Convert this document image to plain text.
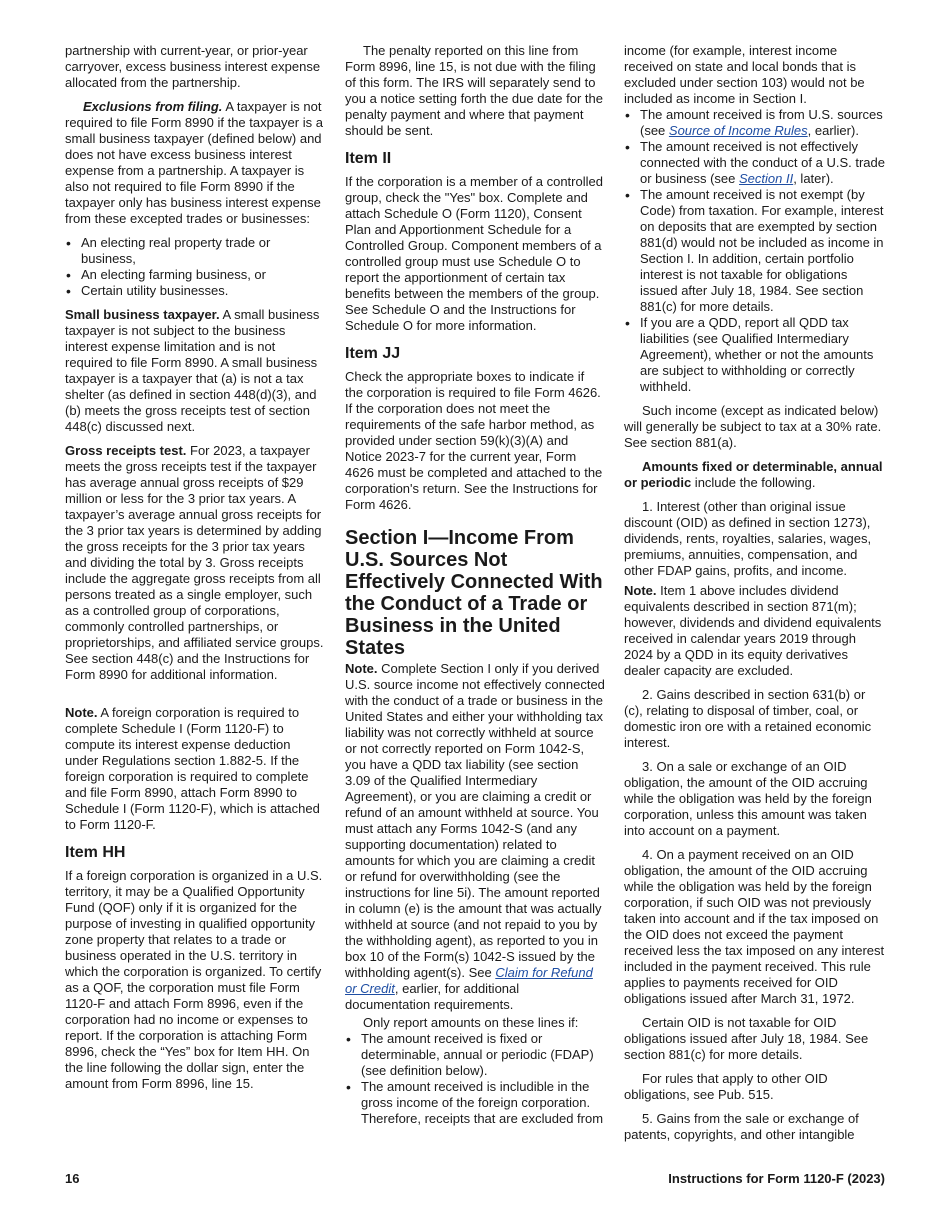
partnership with current-year, or prior-year carryover, excess business interest expense allocated from the partnership.

Exclusions from filing. A taxpayer is not required to file Form 8990 if the taxpayer is a small business taxpayer (defined below) and does not have excess business interest expense from a partnership. A taxpayer is also not required to file Form 8990 if the taxpayer only has business interest expense from these excepted trades or businesses:

• An electing real property trade or business,

• An electing farming business, or

• Certain utility businesses.

Small business taxpayer. A small business taxpayer is not subject to the business interest expense limitation and is not required to file Form 8990. A small business taxpayer is a taxpayer that (a) is not a tax shelter (as defined in section 448(d)(3), and (b) meets the gross receipts test of section 448(c) discussed next.

Gross receipts test. For 2023, a taxpayer meets the gross receipts test if the taxpayer has average annual gross receipts of $29 million or less for the 3 prior tax years. A taxpayer’s average annual gross receipts for the 3 prior tax years is determined by adding the gross receipts for the 3 prior tax years and dividing the total by 3. Gross receipts include the aggregate gross receipts from all persons treated as a single employer, such as a controlled group of corporations, commonly controlled partnerships, or proprietorships, and affiliated service groups. See section 448(c) and the Instructions for Form 8990 for additional information.

Note. A foreign corporation is required to complete Schedule I (Form 1120-F) to compute its interest expense deduction under Regulations section 1.882-5. If the foreign corporation is required to complete and file Form 8990, attach Form 8990 to Schedule I (Form 1120-F), which is attached to Form 1120-F.

Item HH

If a foreign corporation is organized in a U.S. territory, it may be a Qualified Opportunity Fund (QOF) only if it is organized for the purpose of investing in qualified opportunity zone property that relates to a trade or business operated in the U.S. territory in which the corporation is organized. To certify as a QOF, the corporation must file Form 1120-F and attach Form 8996, even if the corporation had no income or expenses to report. If the corporation is attaching Form 8996, check the “Yes” box for Item HH. On the line following the dollar sign, enter the amount from Form 8996, line 15.

The penalty reported on this line from Form 8996, line 15, is not due with the filing of this form. The IRS will separately send to you a notice setting forth the due date for the penalty payment and where that payment should be sent.

Item II

If the corporation is a member of a controlled group, check the "Yes" box. Complete and attach Schedule O (Form 1120), Consent Plan and Apportionment Schedule for a Controlled Group. Component members of a controlled group must use Schedule O to report the apportionment of certain tax benefits between the members of the group. See Schedule O and the Instructions for Schedule O for more information.

Item JJ

Check the appropriate boxes to indicate if the corporation is required to file Form 4626. If the corporation does not meet the requirements of the safe harbor method, as provided under section 59(k)(3)(A) and Notice 2023-7 for the current year, Form 4626 must be completed and attached to the corporation's return. See the Instructions for Form 4626.

Section I—Income From U.S. Sources Not Effectively Connected With the Conduct of a Trade or Business in the United States

Note. Complete Section I only if you derived U.S. source income not effectively connected with the conduct of a trade or business in the United States and either your withholding tax liability was not correctly withheld at source or not correctly reported on Form 1042-S, you have a QDD tax liability (see section 3.09 of the Qualified Intermediary Agreement), or you are claiming a credit or refund of an amount withheld at source. You must attach any Forms 1042-S (and any supporting documentation) related to amounts for which you are claiming a credit or refund for overwithholding (see the instructions for line 5i). The amount reported in column (e) is the amount that was actually withheld at source (and not repaid to you by the withholding agent), as reported to you in box 10 of the Form(s) 1042-S issued by the withholding agent(s). See Claim for Refund or Credit, earlier, for additional documentation requirements.

Only report amounts on these lines if:

• The amount received is fixed or determinable, annual or periodic (FDAP) (see definition below).

• The amount received is includible in the gross income of the foreign corporation. Therefore, receipts that are excluded from

income (for example, interest income received on state and local bonds that is excluded under section 103) would not be included as income in Section I.

• The amount received is from U.S. sources (see Source of Income Rules, earlier).

• The amount received is not effectively connected with the conduct of a U.S. trade or business (see Section II, later).

• The amount received is not exempt (by Code) from taxation. For example, interest on deposits that are exempted by section 881(d) would not be included as income in Section I. In addition, certain portfolio interest is not taxable for obligations issued after July 18, 1984. See section 881(c) for more details.

• If you are a QDD, report all QDD tax liabilities (see Qualified Intermediary Agreement), whether or not the amounts are subject to withholding or correctly withheld.

Such income (except as indicated below) will generally be subject to tax at a 30% rate. See section 881(a).

Amounts fixed or determinable, annual or periodic include the following.

1. Interest (other than original issue discount (OID) as defined in section 1273), dividends, rents, royalties, salaries, wages, premiums, annuities, compensation, and other FDAP gains, profits, and income.

Note. Item 1 above includes dividend equivalents described in section 871(m); however, dividends and dividend equivalents received in calendar years 2019 through 2024 by a QDD in its equity derivatives dealer capacity are excluded.

2. Gains described in section 631(b) or (c), relating to disposal of timber, coal, or domestic iron ore with a retained economic interest.

3. On a sale or exchange of an OID obligation, the amount of the OID accruing while the obligation was held by the foreign corporation, unless this amount was taken into account on a payment.

4. On a payment received on an OID obligation, the amount of the OID accruing while the obligation was held by the foreign corporation, if such OID was not previously taken into account and if the tax imposed on the OID does not exceed the payment received less the tax imposed on any interest included in the payment received. This rule applies to payments received for OID obligations issued after March 31, 1972.

Certain OID is not taxable for OID obligations issued after July 18, 1984. See section 881(c) for more details.

For rules that apply to other OID obligations, see Pub. 515.

5. Gains from the sale or exchange of patents, copyrights, and other intangible

16	Instructions for Form 1120-F (2023)
